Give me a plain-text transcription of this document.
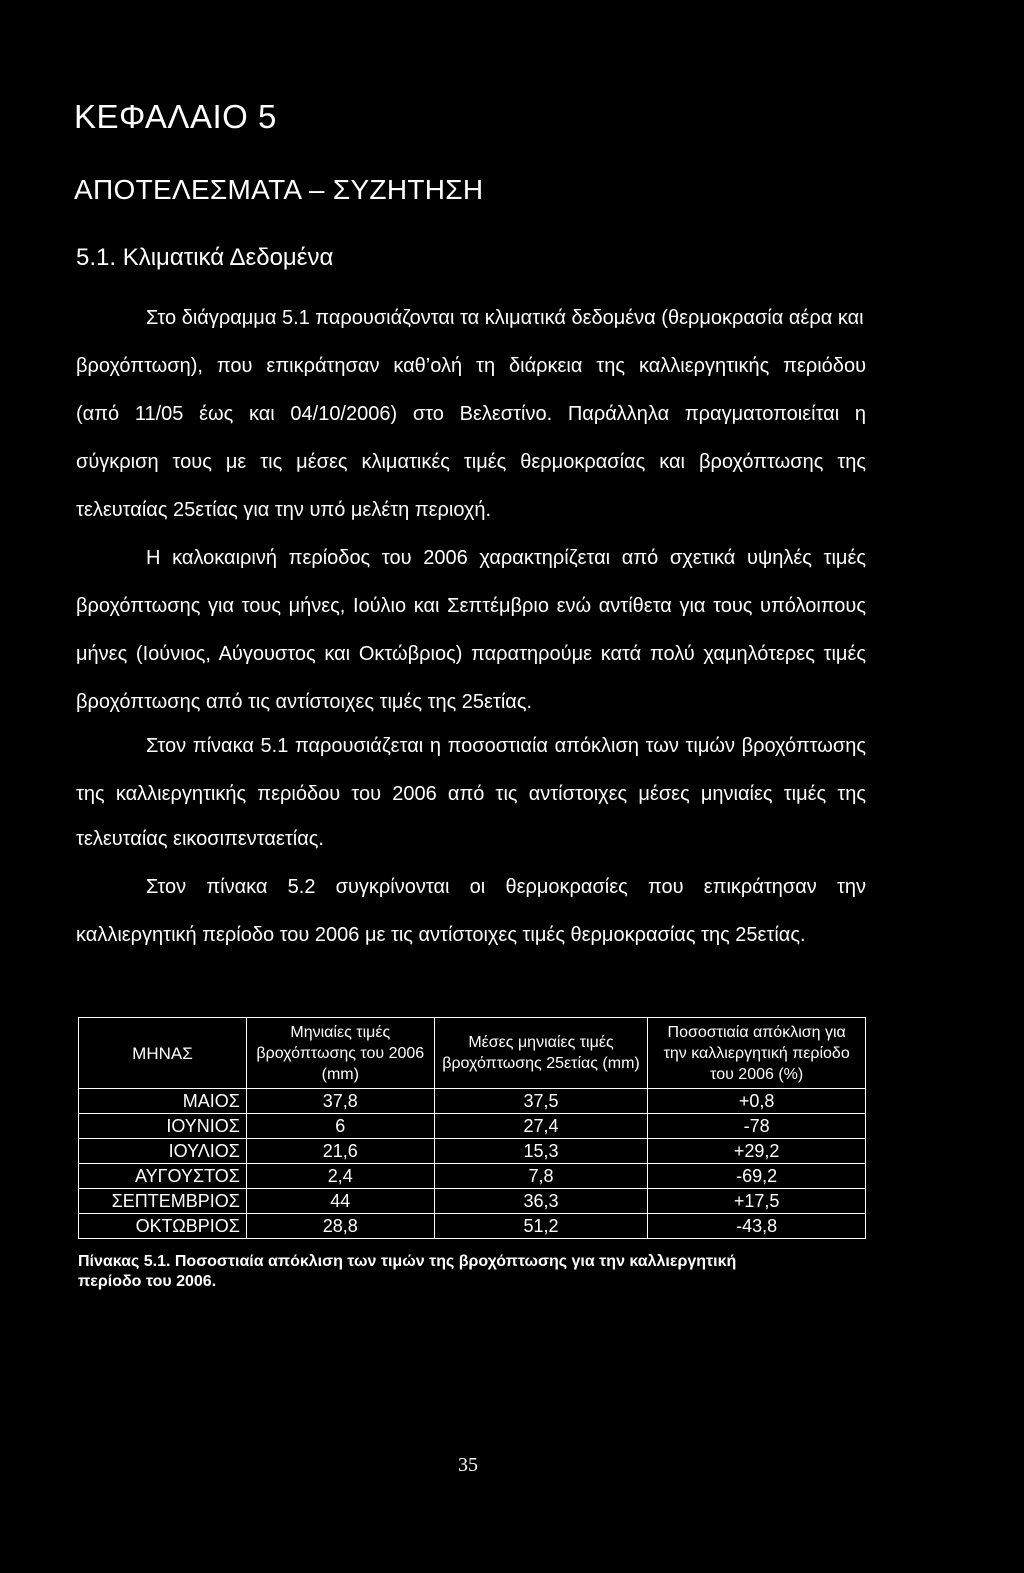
ΚΕΦΑΛΑΙΟ 5
ΑΠΟΤΕΛΕΣΜΑΤΑ – ΣΥΖΗΤΗΣΗ
5.1. Κλιματικά Δεδομένα
Στο διάγραμμα 5.1 παρουσιάζονται τα κλιματικά δεδομένα (θερμοκρασία αέρα και
βροχόπτωση), που επικράτησαν καθ’ολή τη διάρκεια της καλλιεργητικής περιόδου
(από 11/05 έως και 04/10/2006) στο Βελεστίνο. Παράλληλα πραγματοποιείται η
σύγκριση τους με τις μέσες κλιματικές τιμές θερμοκρασίας και βροχόπτωσης της
τελευταίας 25ετίας για την υπό μελέτη περιοχή.
Η καλοκαιρινή περίοδος του 2006 χαρακτηρίζεται από σχετικά υψηλές τιμές
βροχόπτωσης για τους μήνες, Ιούλιο και Σεπτέμβριο ενώ αντίθετα για τους υπόλοιπους
μήνες (Ιούνιος, Αύγουστος και Οκτώβριος) παρατηρούμε κατά πολύ χαμηλότερες τιμές
βροχόπτωσης από τις αντίστοιχες τιμές της 25ετίας.
Στον πίνακα 5.1 παρουσιάζεται η ποσοστιαία απόκλιση των τιμών βροχόπτωσης
της καλλιεργητικής περιόδου του 2006 από τις αντίστοιχες μέσες μηνιαίες τιμές της
τελευταίας εικοσιπενταετίας.
Στον πίνακα 5.2 συγκρίνονται οι θερμοκρασίες που επικράτησαν την
καλλιεργητική περίοδο του 2006 με τις αντίστοιχες τιμές θερμοκρασίας της 25ετίας.
ΜΗΝΑΣ	Μηνιαίες τιμές βροχόπτωσης του 2006 (mm)	Μέσες μηνιαίες τιμές βροχόπτωσης 25ετίας (mm)	Ποσοστιαία απόκλιση για την καλλιεργητική περίοδο του 2006 (%)
ΜΑΙΟΣ	37,8	37,5	+0,8
ΙΟΥΝΙΟΣ	6	27,4	-78
ΙΟΥΛΙΟΣ	21,6	15,3	+29,2
ΑΥΓΟΥΣΤΟΣ	2,4	7,8	-69,2
ΣΕΠΤΕΜΒΡΙΟΣ	44	36,3	+17,5
ΟΚΤΩΒΡΙΟΣ	28,8	51,2	-43,8
Πίνακας 5.1. Ποσοστιαία απόκλιση των τιμών της βροχόπτωσης για την καλλιεργητική
περίοδο του 2006.
35
